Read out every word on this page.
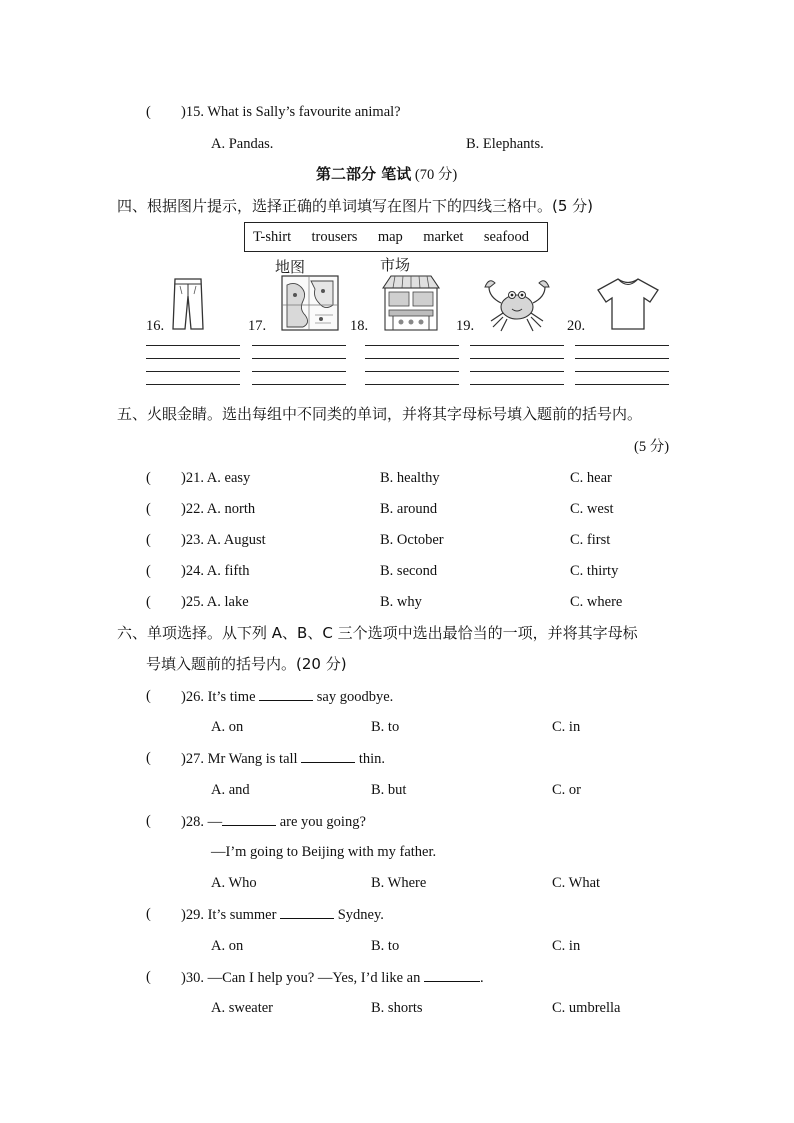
( )15. What is Sally’s favourite animal?
A. Pandas.	B. Elephants.
第二部分 笔试 (70 分)
四、根据图片提示，选择正确的单词填写在图片下的四线三格中。(5 分)
T-shirt trousers map market seafood
16.	17.	18.	19.	20.
地图	市场
五、火眼金睛。选出每组中不同类的单词，并将其字母标号填入题前的括号内。
(5 分)
( )21. A. easy	B. healthy	C. hear
( )22. A. north	B. around	C. west
( )23. A. August	B. October	C. first
( )24. A. fifth	B. second	C. thirty
( )25. A. lake	B. why	C. where
六、单项选择。从下列 A、B、C 三个选项中选出最恰当的一项，并将其字母标
号填入题前的括号内。(20 分)
( )26. It’s time	say goodbye.
A. on	B. to	C. in
( )27. Mr Wang is tall	thin.
A. and	B. but	C. or
( )28. —	are you going?
—I’m going to Beijing with my father.
A. Who	B. Where	C. What
( )29. It’s summer	Sydney.
A. on	B. to	C. in
( )30. —Can I help you? —Yes, I’d like an	.
A. sweater	B. shorts	C. umbrella
